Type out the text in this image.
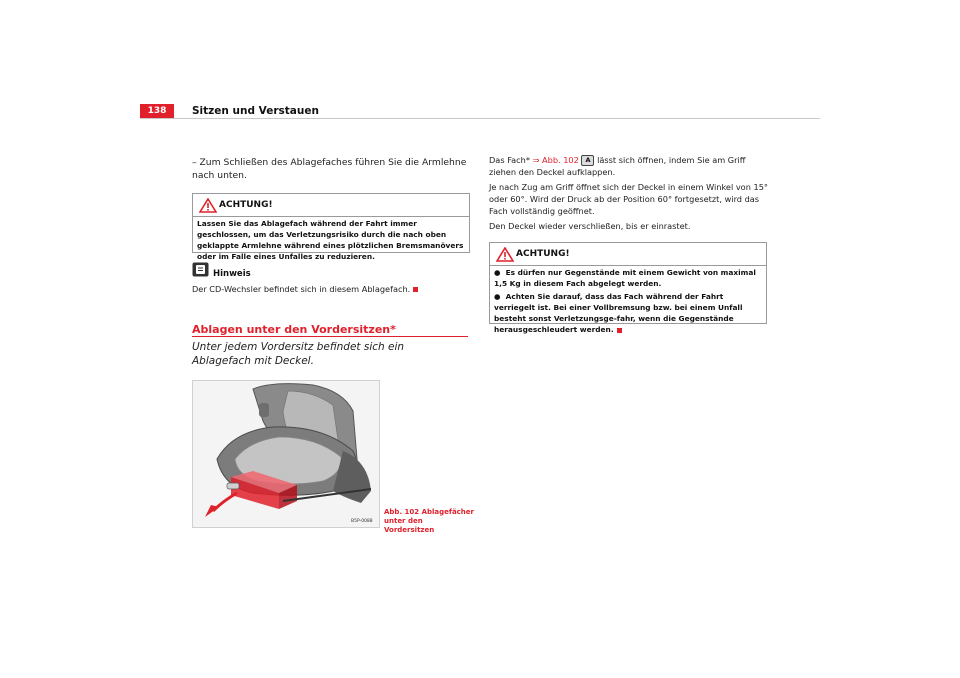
138	Sitzen und Verstauen
– Zum Schließen des Ablagefaches führen Sie die Armlehne nach unten.
ACHTUNG!
Lassen Sie das Ablagefach während der Fahrt immer geschlossen, um das Verletzungsrisiko durch die nach oben geklappte Armlehne während eines plötzlichen Bremsmanövers oder im Falle eines Unfalles zu reduzieren.
Hinweis
Der CD-Wechsler befindet sich in diesem Ablagefach.
Ablagen unter den Vordersitzen*
Unter jedem Vordersitz befindet sich ein Ablagefach mit Deckel.
B5P-0088
Abb. 102 Ablagefächer
unter den Vordersitzen
Das Fach* ⇒ Abb. 102 A lässt sich öffnen, indem Sie am Griff ziehen den Deckel aufklappen.
Je nach Zug am Griff öffnet sich der Deckel in einem Winkel von 15° oder 60°. Wird der Druck ab der Position 60° fortgesetzt, wird das Fach vollständig geöffnet.
Den Deckel wieder verschließen, bis er einrastet.
ACHTUNG!
●  Es dürfen nur Gegenstände mit einem Gewicht von maximal 1,5 Kg in diesem Fach abgelegt werden.
●  Achten Sie darauf, dass das Fach während der Fahrt verriegelt ist. Bei einer Vollbremsung bzw. bei einem Unfall besteht sonst Verletzungsge-fahr, wenn die Gegenstände herausgeschleudert werden.
